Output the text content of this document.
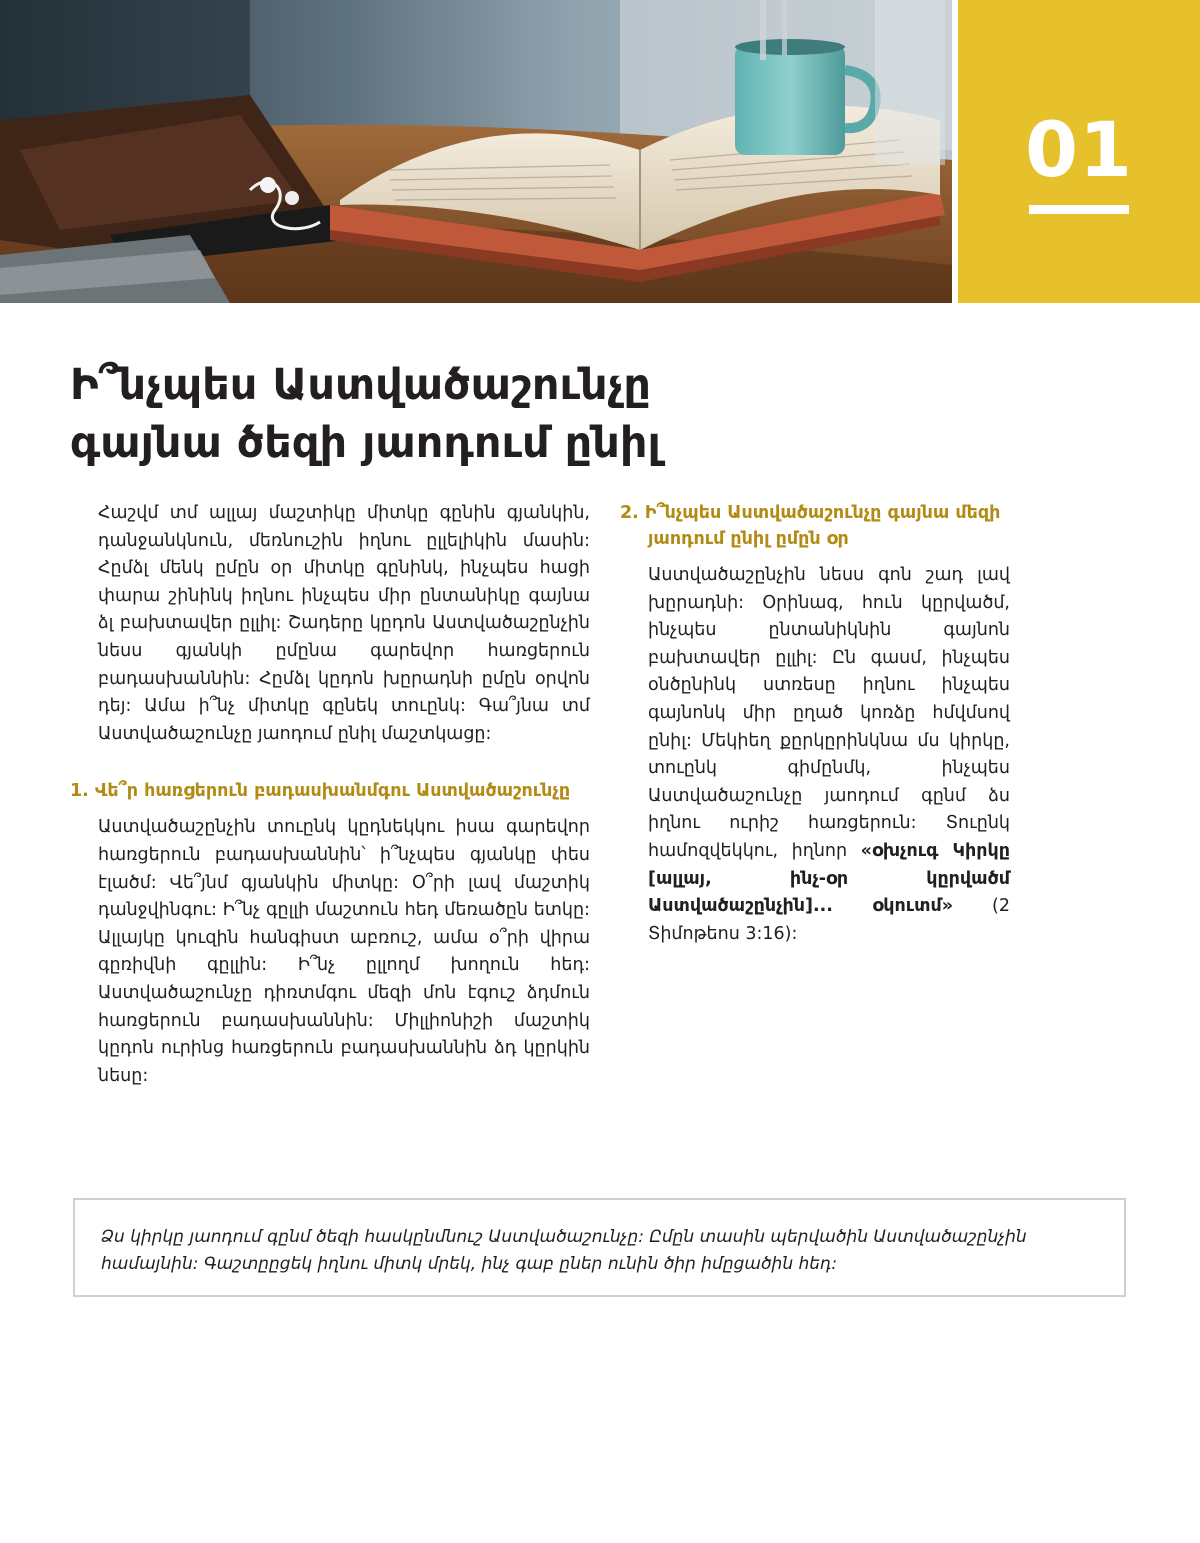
01
Ի՞նչպես Աստվածաշունչը
գայնա ծեզի յաոդում ընիլ

Հաշվմ տմ ալլայ մաշտիկը միտկը գընին գյանկին, դանջանկնուն, մեռնուշին իղնու ըլլելիկին մասին: Հըմձլ մենկ ըմըն օր միտկը գընինկ, ինչպես հացի փարա շինինկ իղնու ինչպես միր ընտանիկը գայնա ձլ բախտավեր ըլլիլ: Շադերը կըդոն Աստվածաշընչին նեսս գյանկի ըմընա գարեվոր հառցերուն բադասխաննին: Հըմձլ կըդոն խըրադնի ըմըն օրվոն դեյ: Ամա ի՞նչ միտկը գընեկ տուընկ: Գա՞յնա տմ Աստվածաշունչը յաոդում ընիլ մաշտկացը:

1. Վե՞ր հառցերուն բադասխանմգու Աստվածաշունչը

Աստվածաշընչին տուընկ կըդնեկկու իսա գարեվոր հառցերուն բադասխաննին՝ ի՞նչպես գյանկը փես էլածմ: Վե՞յնմ գյանկին միտկը: Օ՞րի լավ մաշտիկ դանջվինգու: Ի՞նչ գըլլի մաշտուն հեդ մեռածըն ետկը: Ալլայկը կուզին հանգիստ աբռուշ, ամա օ՞րի վիրա գըռիվնի գըլլին: Ի՞նչ ըլլողմ խողուն հեդ: Աստվածաշունչը դիռտմգու մեզի մոն էգուշ ձդմուն հառցերուն բադասխաննին: Միլլիոնիշի մաշտիկ կըդոն ուրինց հառցերուն բադասխաննին ձդ կըրկին նեսը:

2. Ի՞նչպես Աստվածաշունչը գայնա մեզի յաոդում ընիլ ըմըն օր

Աստվածաշընչին նեսս գոն շադ լավ խըրադնի: Օրինագ, հուն կըրվածմ, ինչպես ընտանիկնին գայնոն բախտավեր ըլլիլ: Ըն գասմ, ինչպես օնծընինկ ստռեսը իղնու ինչպես գայնոնկ միր ըղած կոռձը հմվմսով ընիլ: Մեկիեղ քըրկըրինկնա մս կիրկը, տուընկ գիմընմկ, ինչպես Աստվածաշունչը յաոդում գընմ ձս իղնու ուրիշ հառցերուն: Տուընկ համոզվեկկու, իղնոր «օխչուգ Կիրկը [ալլայ, ինչ-օր կըրվածմ Աստվածաշընչին]... օկուտմ» (2 Տիմոթեոս 3:16):

Ձս կիրկը յաոդում գընմ ծեզի հասկընմնուշ Աստվածաշունչը: Ըմըն տասին պերվածին Աստվածաշընչին համայնին: Գաշտըըցեկ իղնու միտկ մրեկ, ինչ գաբ ըներ ունին ծիր իմըցածին հեդ:
